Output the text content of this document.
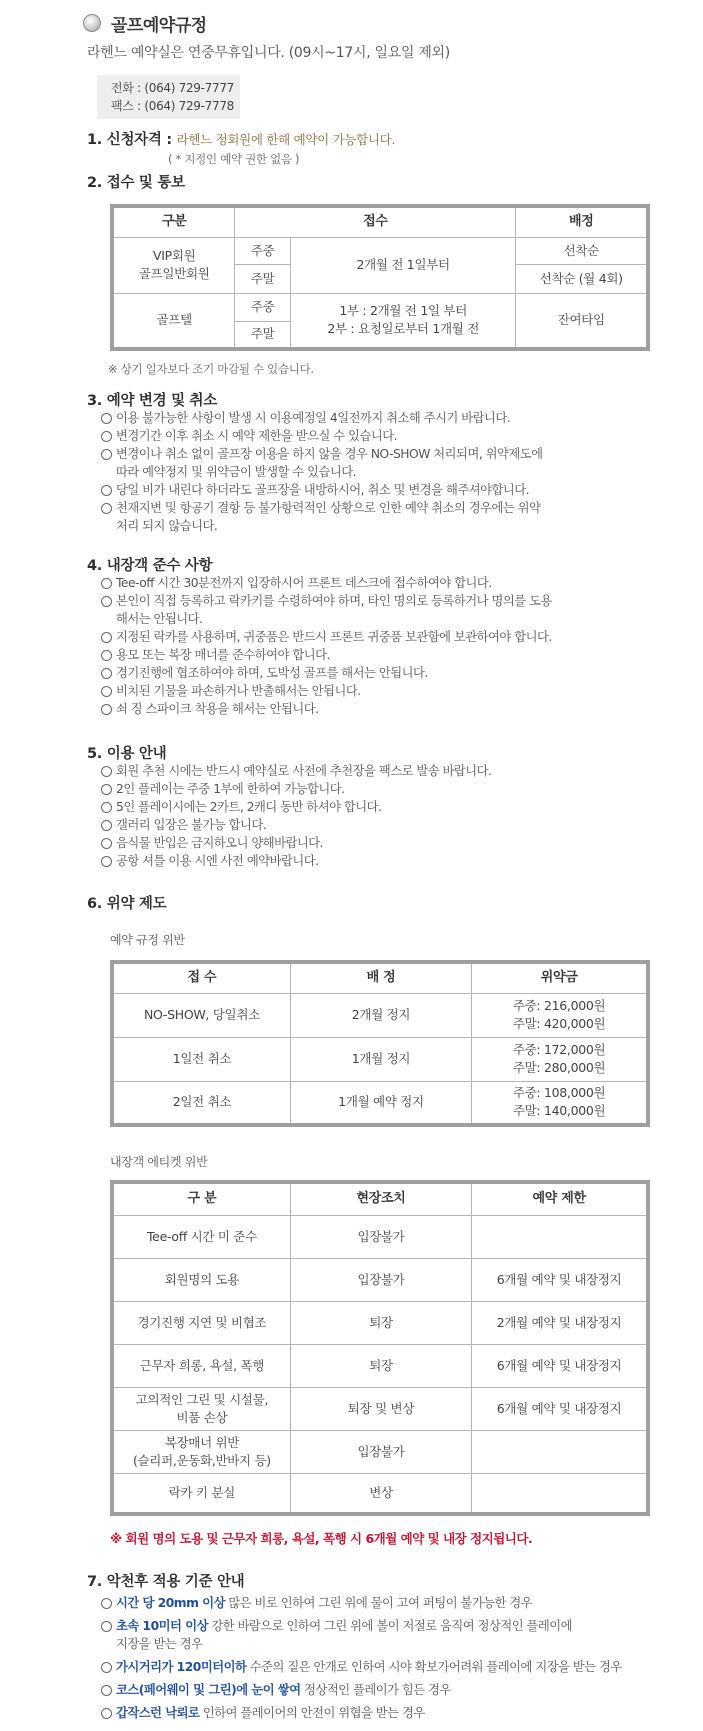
골프예약규정
라헨느 예약실은 연중무휴입니다. (09시~17시, 일요일 제외)
전화 : (064) 729-7777
팩스 : (064) 729-7778
1. 신청자격 : 라헨느 정회원에 한해 예약이 가능합니다.
( * 지정인 예약 권한 없음 )
2. 접수 및 통보
구분	접수		배정

VIP회원
골프일반회원	주중	2개월 전 1일부터	선착순
	주말		선착순 (월 4회)
골프텔	주중	1부 : 2개월 전 1일 부터
2부 : 요청일로부터 1개월 전	잔여타임
	주말		
※ 상기 일자보다 조기 마감될 수 있습니다.
3. 예약 변경 및 취소
이용 불가능한 사항이 발생 시 이용예정일 4일전까지 취소해 주시기 바랍니다.
변경기간 이후 취소 시 예약 제한을 받으실 수 있습니다.
변경이나 취소 없이 골프장 이용을 하지 않을 경우 NO-SHOW 처리되며, 위약제도에
따라 예약정지 및 위약금이 발생할 수 있습니다.
당일 비가 내린다 하더라도 골프장을 내방하시어, 취소 및 변경을 해주셔야합니다.
천재지변 및 항공기 결항 등 불가항력적인 상황으로 인한 예약 취소의 경우에는 위약
처리 되지 않습니다.
4. 내장객 준수 사항
Tee-off 시간 30분전까지 입장하시어 프론트 데스크에 접수하여야 합니다.
본인이 직접 등록하고 락카키를 수령하여야 하며, 타인 명의로 등록하거나 명의를 도용
해서는 안됩니다.
지정된 락카를 사용하며, 귀중품은 반드시 프론트 귀중품 보관함에 보관하여야 합니다.
용모 또는 복장 매너를 준수하여야 합니다.
경기진행에 협조하여야 하며, 도박성 골프를 해서는 안됩니다.
비치된 기물을 파손하거나 반출해서는 안됩니다.
쇠 징 스파이크 착용을 해서는 안됩니다.
5. 이용 안내
회원 추천 시에는 반드시 예약실로 사전에 추천장을 팩스로 발송 바랍니다.
2인 플레이는 주중 1부에 한하여 가능합니다.
5인 플레이시에는 2카트, 2캐디 동반 하셔야 합니다.
갤러리 입장은 불가능 합니다.
음식물 반입은 금지하오니 양해바랍니다.
공항 셔틀 이용 시엔 사전 예약바랍니다.
6. 위약 제도
예약 규정 위반
접 수	배 정	위약금
NO-SHOW, 당일취소	2개월 정지	주중: 216,000원
주말: 420,000원

1일전 취소	1개월 정지	주중: 172,000원
주말: 280,000원

2일전 취소	1개월 예약 정지	주중: 108,000원
주말: 140,000원
내장객 에티켓 위반
구 분	현장조치	예약 제한

Tee-off 시간 미 준수	입장불가	

회원명의 도용	입장불가	6개월 예약 및 내장정지

경기진행 지연 및 비협조	퇴장	2개월 예약 및 내장정지

근무자 희롱, 욕설, 폭행	퇴장	6개월 예약 및 내장정지

고의적인 그린 및 시설물,
비품 손상	퇴장 및 변상	6개월 예약 및 내장정지

복장매너 위반
(슬리퍼,운동화,반바지 등)	입장불가	

락카 키 분실	변상	
※ 회원 명의 도용 및 근무자 희롱, 욕설, 폭행 시 6개월 예약 및 내장 정지됩니다.
7. 악천후 적용 기준 안내
시간 당 20mm 이상 많은 비로 인하여 그린 위에 물이 고여 퍼팅이 불가능한 경우
초속 10미터 이상 강한 바람으로 인하여 그린 위에 볼이 저절로 움직여 정상적인 플레이에
지장을 받는 경우
가시거리가 120미터이하 수준의 짙은 안개로 인하여 시야 확보가어려워 플레이에 지장을 받는 경우
코스(페어웨이 및 그린)에 눈이 쌓여 정상적인 플레이가 힘든 경우
갑작스런 낙뢰로 인하여 플레이어의 안전이 위협을 받는 경우
